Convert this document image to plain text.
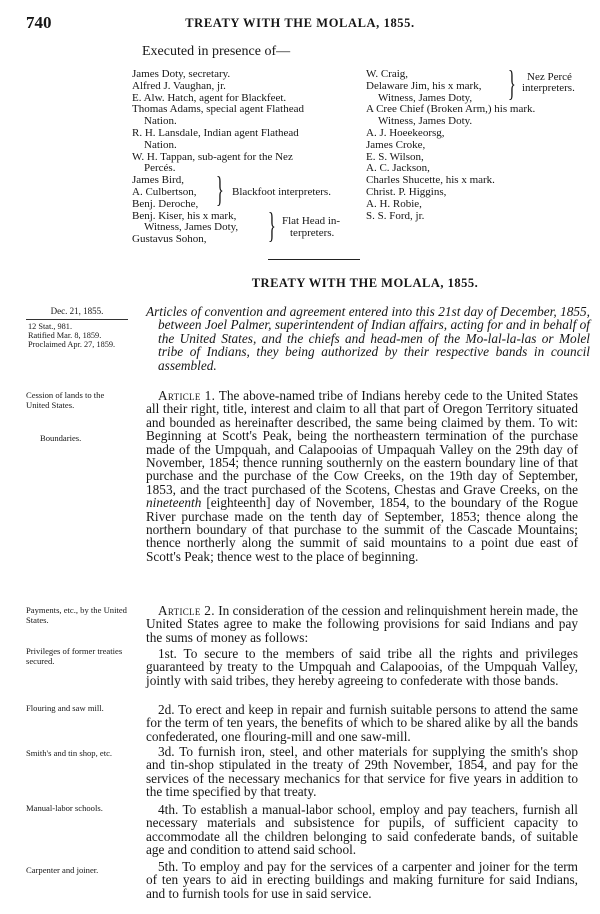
740	TREATY WITH THE MOLALA, 1855.
Executed in presence of—
James Doty, secretary.
Alfred J. Vaughan, jr.
E. Alw. Hatch, agent for Blackfeet.
Thomas Adams, special agent Flathead
Nation.
R. H. Lansdale, Indian agent Flathead
Nation.
W. H. Tappan, sub-agent for the Nez
Percés.
James Bird,
A. Culbertson,
Benj. Deroche, } Blackfoot interpreters.
Benj. Kiser, his x mark,
Witness, James Doty,
Gustavus Sohon,	} Flat Head in-
terpreters.
W. Craig,
Delaware Jim, his x mark,
Witness, James Doty, } Nez Percé
interpreters.
A Cree Chief (Broken Arm,) his mark.
Witness, James Doty.
A. J. Hoeekeorsg,
James Croke,
E. S. Wilson,
A. C. Jackson,
Charles Shucette, his x mark.
Christ. P. Higgins,
A. H. Robie,
S. S. Ford, jr.
TREATY WITH THE MOLALA, 1855.
Dec. 21, 1855.
12 Stat., 981.
Ratified Mar. 8, 1859.
Proclaimed Apr. 27, 1859.
Cession of lands to the United States.
Boundaries.
Payments, etc., by the United States.
Privileges of former treaties secured.
Flouring and saw mill.
Smith's and tin shop, etc.
Manual-labor schools.
Carpenter and joiner.
Articles of convention and agreement entered into this 21st day of December, 1855, between Joel Palmer, superintendent of Indian affairs, acting for and in behalf of the United States, and the chiefs and head-men of the Mo-lal-la-las or Molel tribe of Indians, they being authorized by their respective bands in council assembled.

Article 1. The above-named tribe of Indians hereby cede to the United States all their right, title, interest and claim to all that part of Oregon Territory situated and bounded as hereinafter described, the same being claimed by them. To wit: Beginning at Scott's Peak, being the northeastern termination of the purchase made of the Umpquah, and Calapooias of Umpaquah Valley on the 29th day of November, 1854; thence running southernly on the eastern boundary line of that purchase and the purchase of the Cow Creeks, on the 19th day of September, 1853, and the tract purchased of the Scotens, Chestas and Grave Creeks, on the nineteenth [eighteenth] day of November, 1854, to the boundary of the Rogue River purchase made on the tenth day of September, 1853; thence along the northern boundary of that purchase to the summit of the Cascade Mountains; thence northerly along the summit of said mountains to a point due east of Scott's Peak; thence west to the place of beginning.

Article 2. In consideration of the cession and relinquishment herein made, the United States agree to make the following provisions for said Indians and pay the sums of money as follows:

1st. To secure to the members of said tribe all the rights and privileges guaranteed by treaty to the Umpquah and Calapooias, of the Umpquah Valley, jointly with said tribes, they hereby agreeing to confederate with those bands.

2d. To erect and keep in repair and furnish suitable persons to attend the same for the term of ten years, the benefits of which to be shared alike by all the bands confederated, one flouring-mill and one saw-mill.

3d. To furnish iron, steel, and other materials for supplying the smith's shop and tin-shop stipulated in the treaty of 29th November, 1854, and pay for the services of the necessary mechanics for that service for five years in addition to the time specified by that treaty.

4th. To establish a manual-labor school, employ and pay teachers, furnish all necessary materials and subsistence for pupils, of sufficient capacity to accommodate all the children belonging to said confederate bands, of suitable age and condition to attend said school.

5th. To employ and pay for the services of a carpenter and joiner for the term of ten years to aid in erecting buildings and making furniture for said Indians, and to furnish tools for use in said service.
